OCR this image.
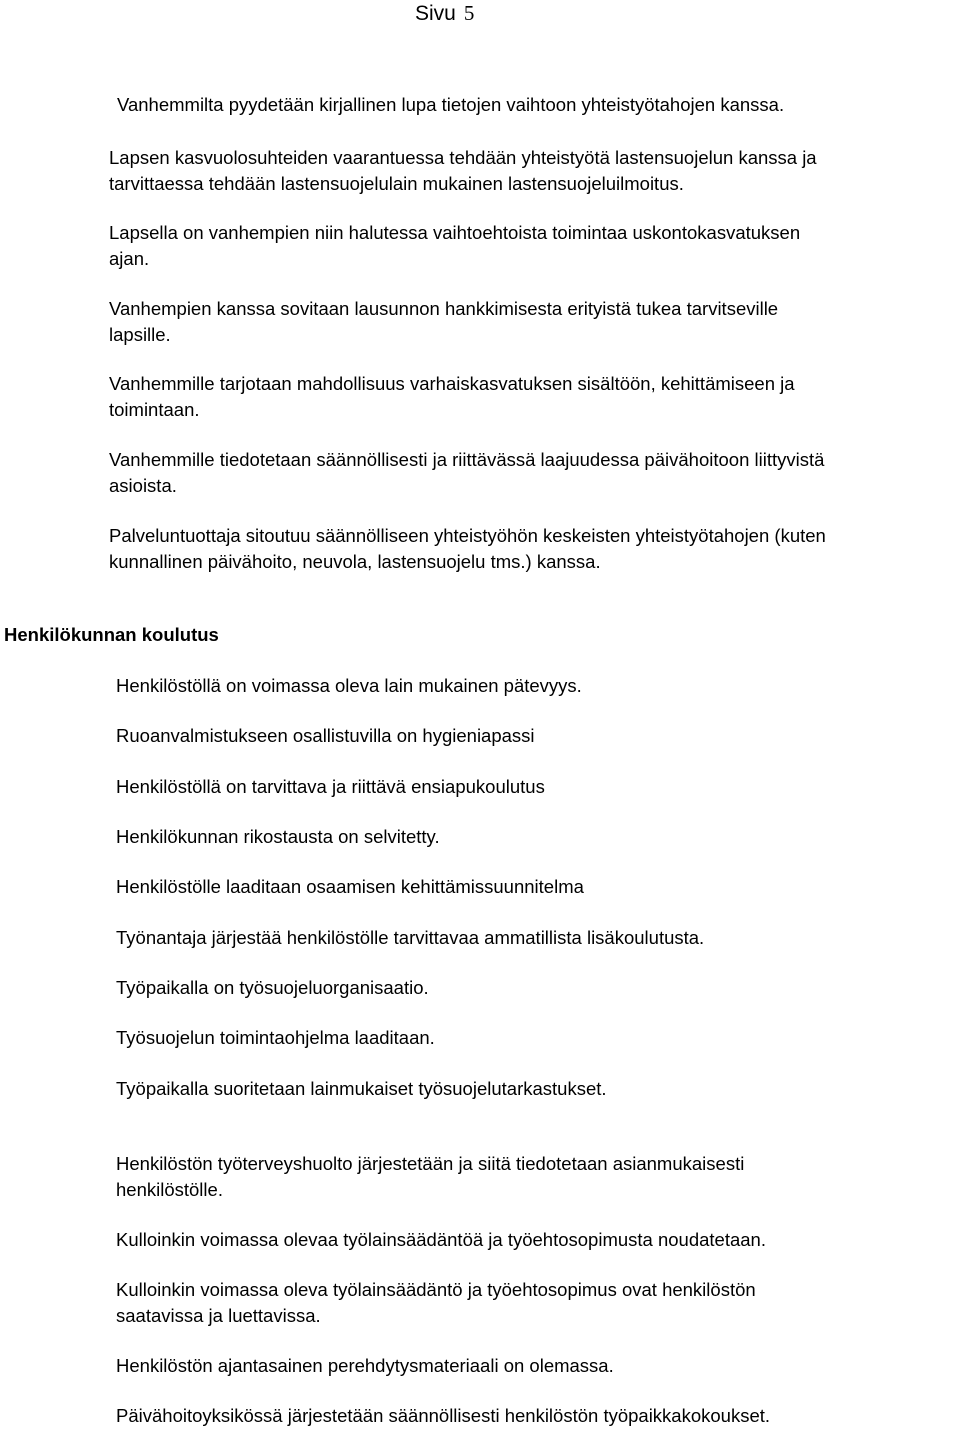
Sivu 5
Vanhemmilta pyydetään kirjallinen lupa tietojen vaihtoon yhteistyötahojen kanssa.
Lapsen kasvuolosuhteiden vaarantuessa tehdään yhteistyötä lastensuojelun kanssa ja
tarvittaessa tehdään lastensuojelulain mukainen lastensuojeluilmoitus.
Lapsella on vanhempien niin halutessa vaihtoehtoista toimintaa uskontokasvatuksen
ajan.
Vanhempien kanssa sovitaan lausunnon hankkimisesta erityistä tukea tarvitseville
lapsille.
Vanhemmille tarjotaan mahdollisuus varhaiskasvatuksen sisältöön, kehittämiseen ja
toimintaan.
Vanhemmille tiedotetaan säännöllisesti ja riittävässä laajuudessa päivähoitoon liittyvistä
asioista.
Palveluntuottaja sitoutuu säännölliseen yhteistyöhön keskeisten yhteistyötahojen (kuten
kunnallinen päivähoito, neuvola, lastensuojelu tms.) kanssa.
Henkilökunnan koulutus
Henkilöstöllä on voimassa oleva lain mukainen pätevyys.
Ruoanvalmistukseen osallistuvilla on hygieniapassi
Henkilöstöllä on tarvittava ja riittävä ensiapukoulutus
Henkilökunnan rikostausta on selvitetty.
Henkilöstölle laaditaan osaamisen kehittämissuunnitelma
Työnantaja järjestää henkilöstölle tarvittavaa ammatillista lisäkoulutusta.
Työpaikalla on työsuojeluorganisaatio.
Työsuojelun toimintaohjelma laaditaan.
Työpaikalla suoritetaan lainmukaiset työsuojelutarkastukset.
Henkilöstön työterveyshuolto järjestetään ja siitä tiedotetaan asianmukaisesti
henkilöstölle.
Kulloinkin voimassa olevaa työlainsäädäntöä ja työehtosopimusta noudatetaan.
Kulloinkin voimassa oleva työlainsäädäntö ja työehtosopimus ovat henkilöstön
saatavissa ja luettavissa.
Henkilöstön ajantasainen perehdytysmateriaali on olemassa.
Päivähoitoyksikössä järjestetään säännöllisesti henkilöstön työpaikkakokoukset.
